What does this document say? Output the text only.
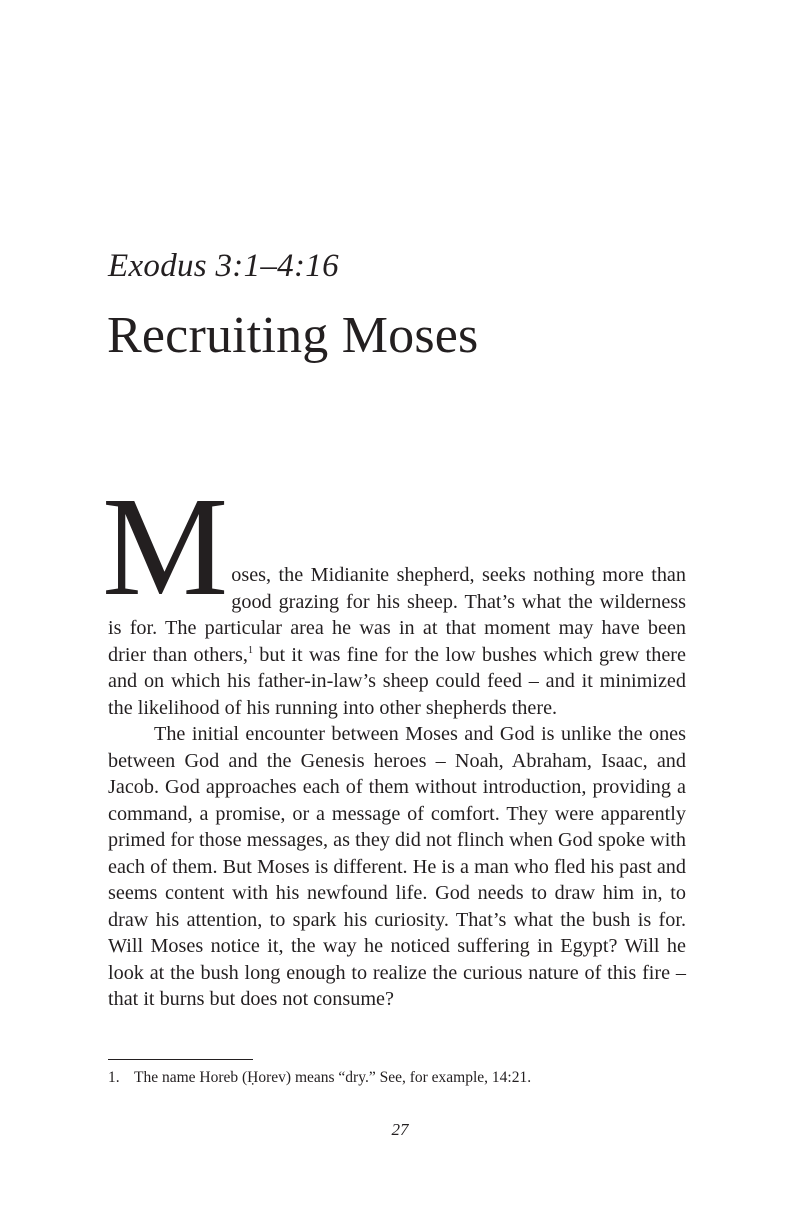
Exodus 3:1–4:16
Recruiting Moses

Moses, the Midianite shepherd, seeks nothing more than good grazing for his sheep. That’s what the wilderness is for. The particular area he was in at that moment may have been drier than others,$^1$ but it was fine for the low bushes which grew there and on which his father-in-law’s sheep could feed – and it minimized the likelihood of his running into other shepherds there.

The initial encounter between Moses and God is unlike the ones between God and the Genesis heroes – Noah, Abraham, Isaac, and Jacob. God approaches each of them without introduction, providing a command, a promise, or a message of comfort. They were apparently primed for those messages, as they did not flinch when God spoke with each of them. But Moses is different. He is a man who fled his past and seems content with his newfound life. God needs to draw him in, to draw his attention, to spark his curiosity. That’s what the bush is for. Will Moses notice it, the way he noticed suffering in Egypt? Will he look at the bush long enough to realize the curious nature of this fire – that it burns but does not consume?

1. The name Horeb (Ḥorev) means “dry.” See, for example, 14:21.
27
